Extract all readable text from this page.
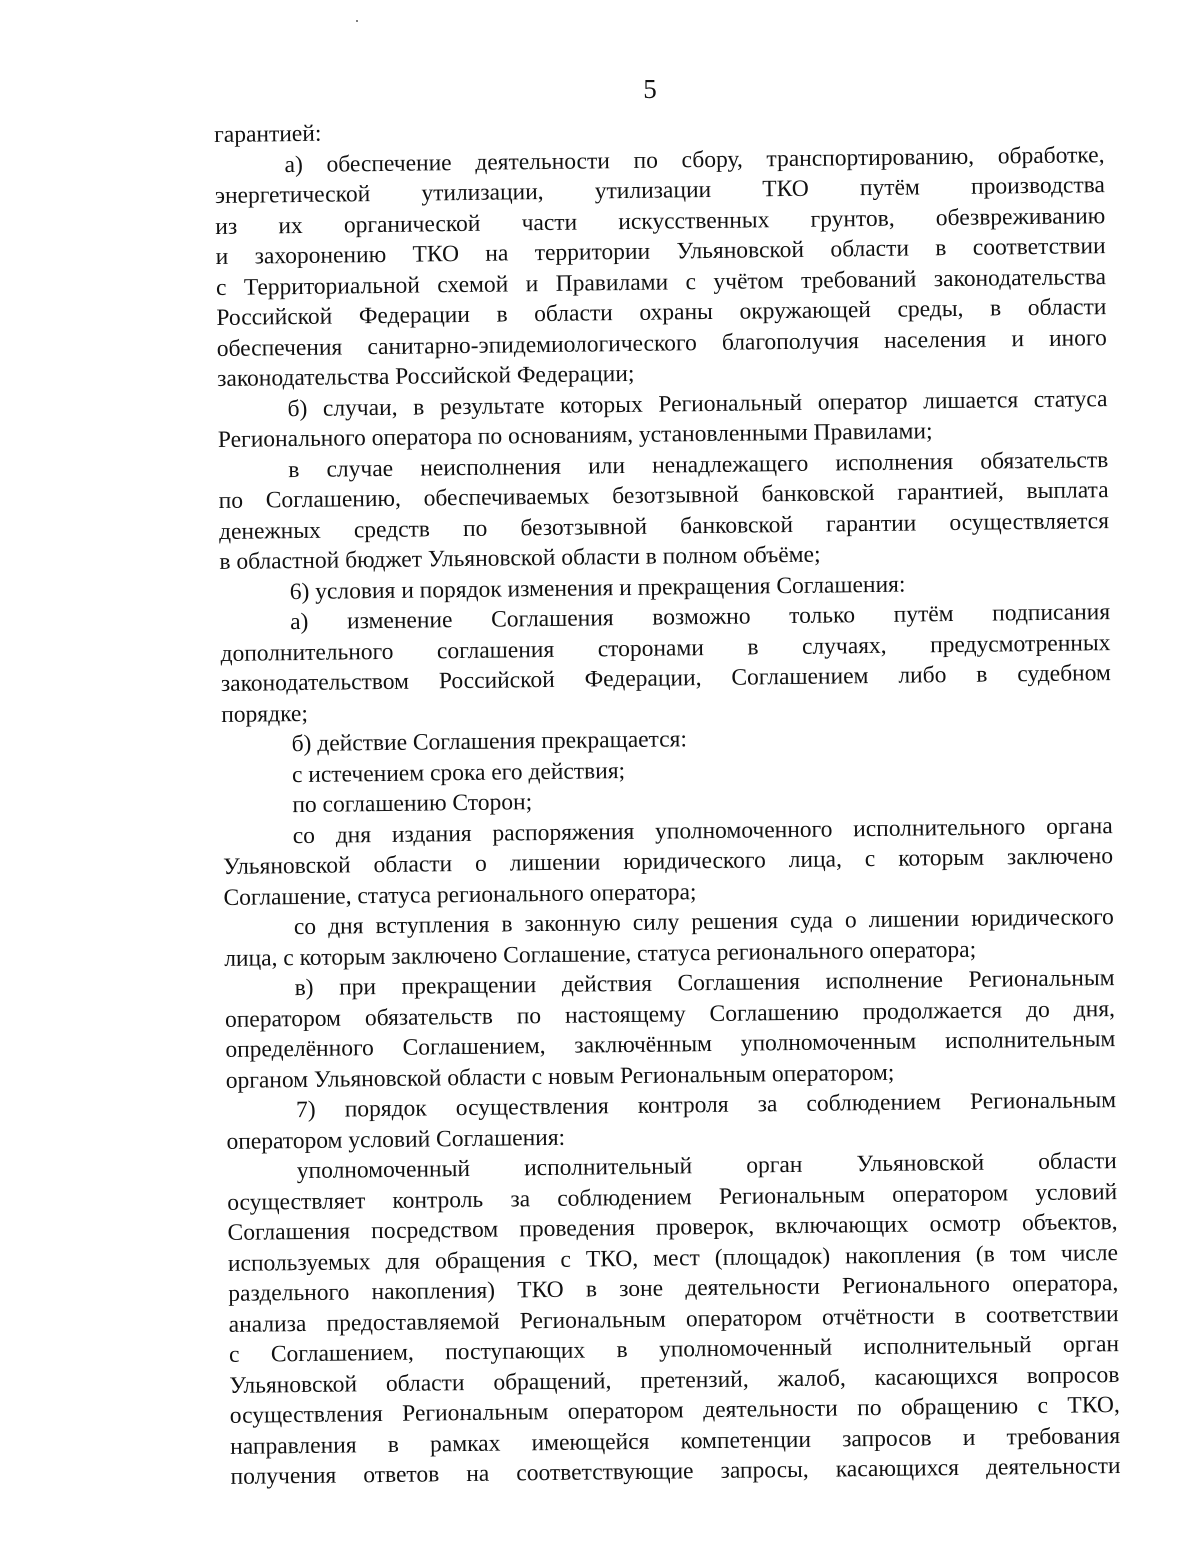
5
гарантией:
а) обеспечение деятельности по сбору, транспортированию, обработке,
энергетической утилизации, утилизации ТКО путём производства
из их органической части искусственных грунтов, обезвреживанию
и захоронению ТКО на территории Ульяновской области в соответствии
с Территориальной схемой и Правилами с учётом требований законодательства
Российской Федерации в области охраны окружающей среды, в области
обеспечения санитарно-эпидемиологического благополучия населения и иного
законодательства Российской Федерации;
б) случаи, в результате которых Региональный оператор лишается статуса
Регионального оператора по основаниям, установленными Правилами;
в случае неисполнения или ненадлежащего исполнения обязательств
по Соглашению, обеспечиваемых безотзывной банковской гарантией, выплата
денежных средств по безотзывной банковской гарантии осуществляется
в областной бюджет Ульяновской области в полном объёме;
6) условия и порядок изменения и прекращения Соглашения:
а) изменение Соглашения возможно только путём подписания
дополнительного соглашения сторонами в случаях, предусмотренных
законодательством Российской Федерации, Соглашением либо в судебном
порядке;
б) действие Соглашения прекращается:
с истечением срока его действия;
по соглашению Сторон;
со дня издания распоряжения уполномоченного исполнительного органа
Ульяновской области о лишении юридического лица, с которым заключено
Соглашение, статуса регионального оператора;
со дня вступления в законную силу решения суда о лишении юридического
лица, с которым заключено Соглашение, статуса регионального оператора;
в) при прекращении действия Соглашения исполнение Региональным
оператором обязательств по настоящему Соглашению продолжается до дня,
определённого Соглашением, заключённым уполномоченным исполнительным
органом Ульяновской области с новым Региональным оператором;
7) порядок осуществления контроля за соблюдением Региональным
оператором условий Соглашения:
уполномоченный исполнительный орган Ульяновской области
осуществляет контроль за соблюдением Региональным оператором условий
Соглашения посредством проведения проверок, включающих осмотр объектов,
используемых для обращения с ТКО, мест (площадок) накопления (в том числе
раздельного накопления) ТКО в зоне деятельности Регионального оператора,
анализа предоставляемой Региональным оператором отчётности в соответствии
с Соглашением, поступающих в уполномоченный исполнительный орган
Ульяновской области обращений, претензий, жалоб, касающихся вопросов
осуществления Региональным оператором деятельности по обращению с ТКО,
направления в рамках имеющейся компетенции запросов и требования
получения ответов на соответствующие запросы, касающихся деятельности
